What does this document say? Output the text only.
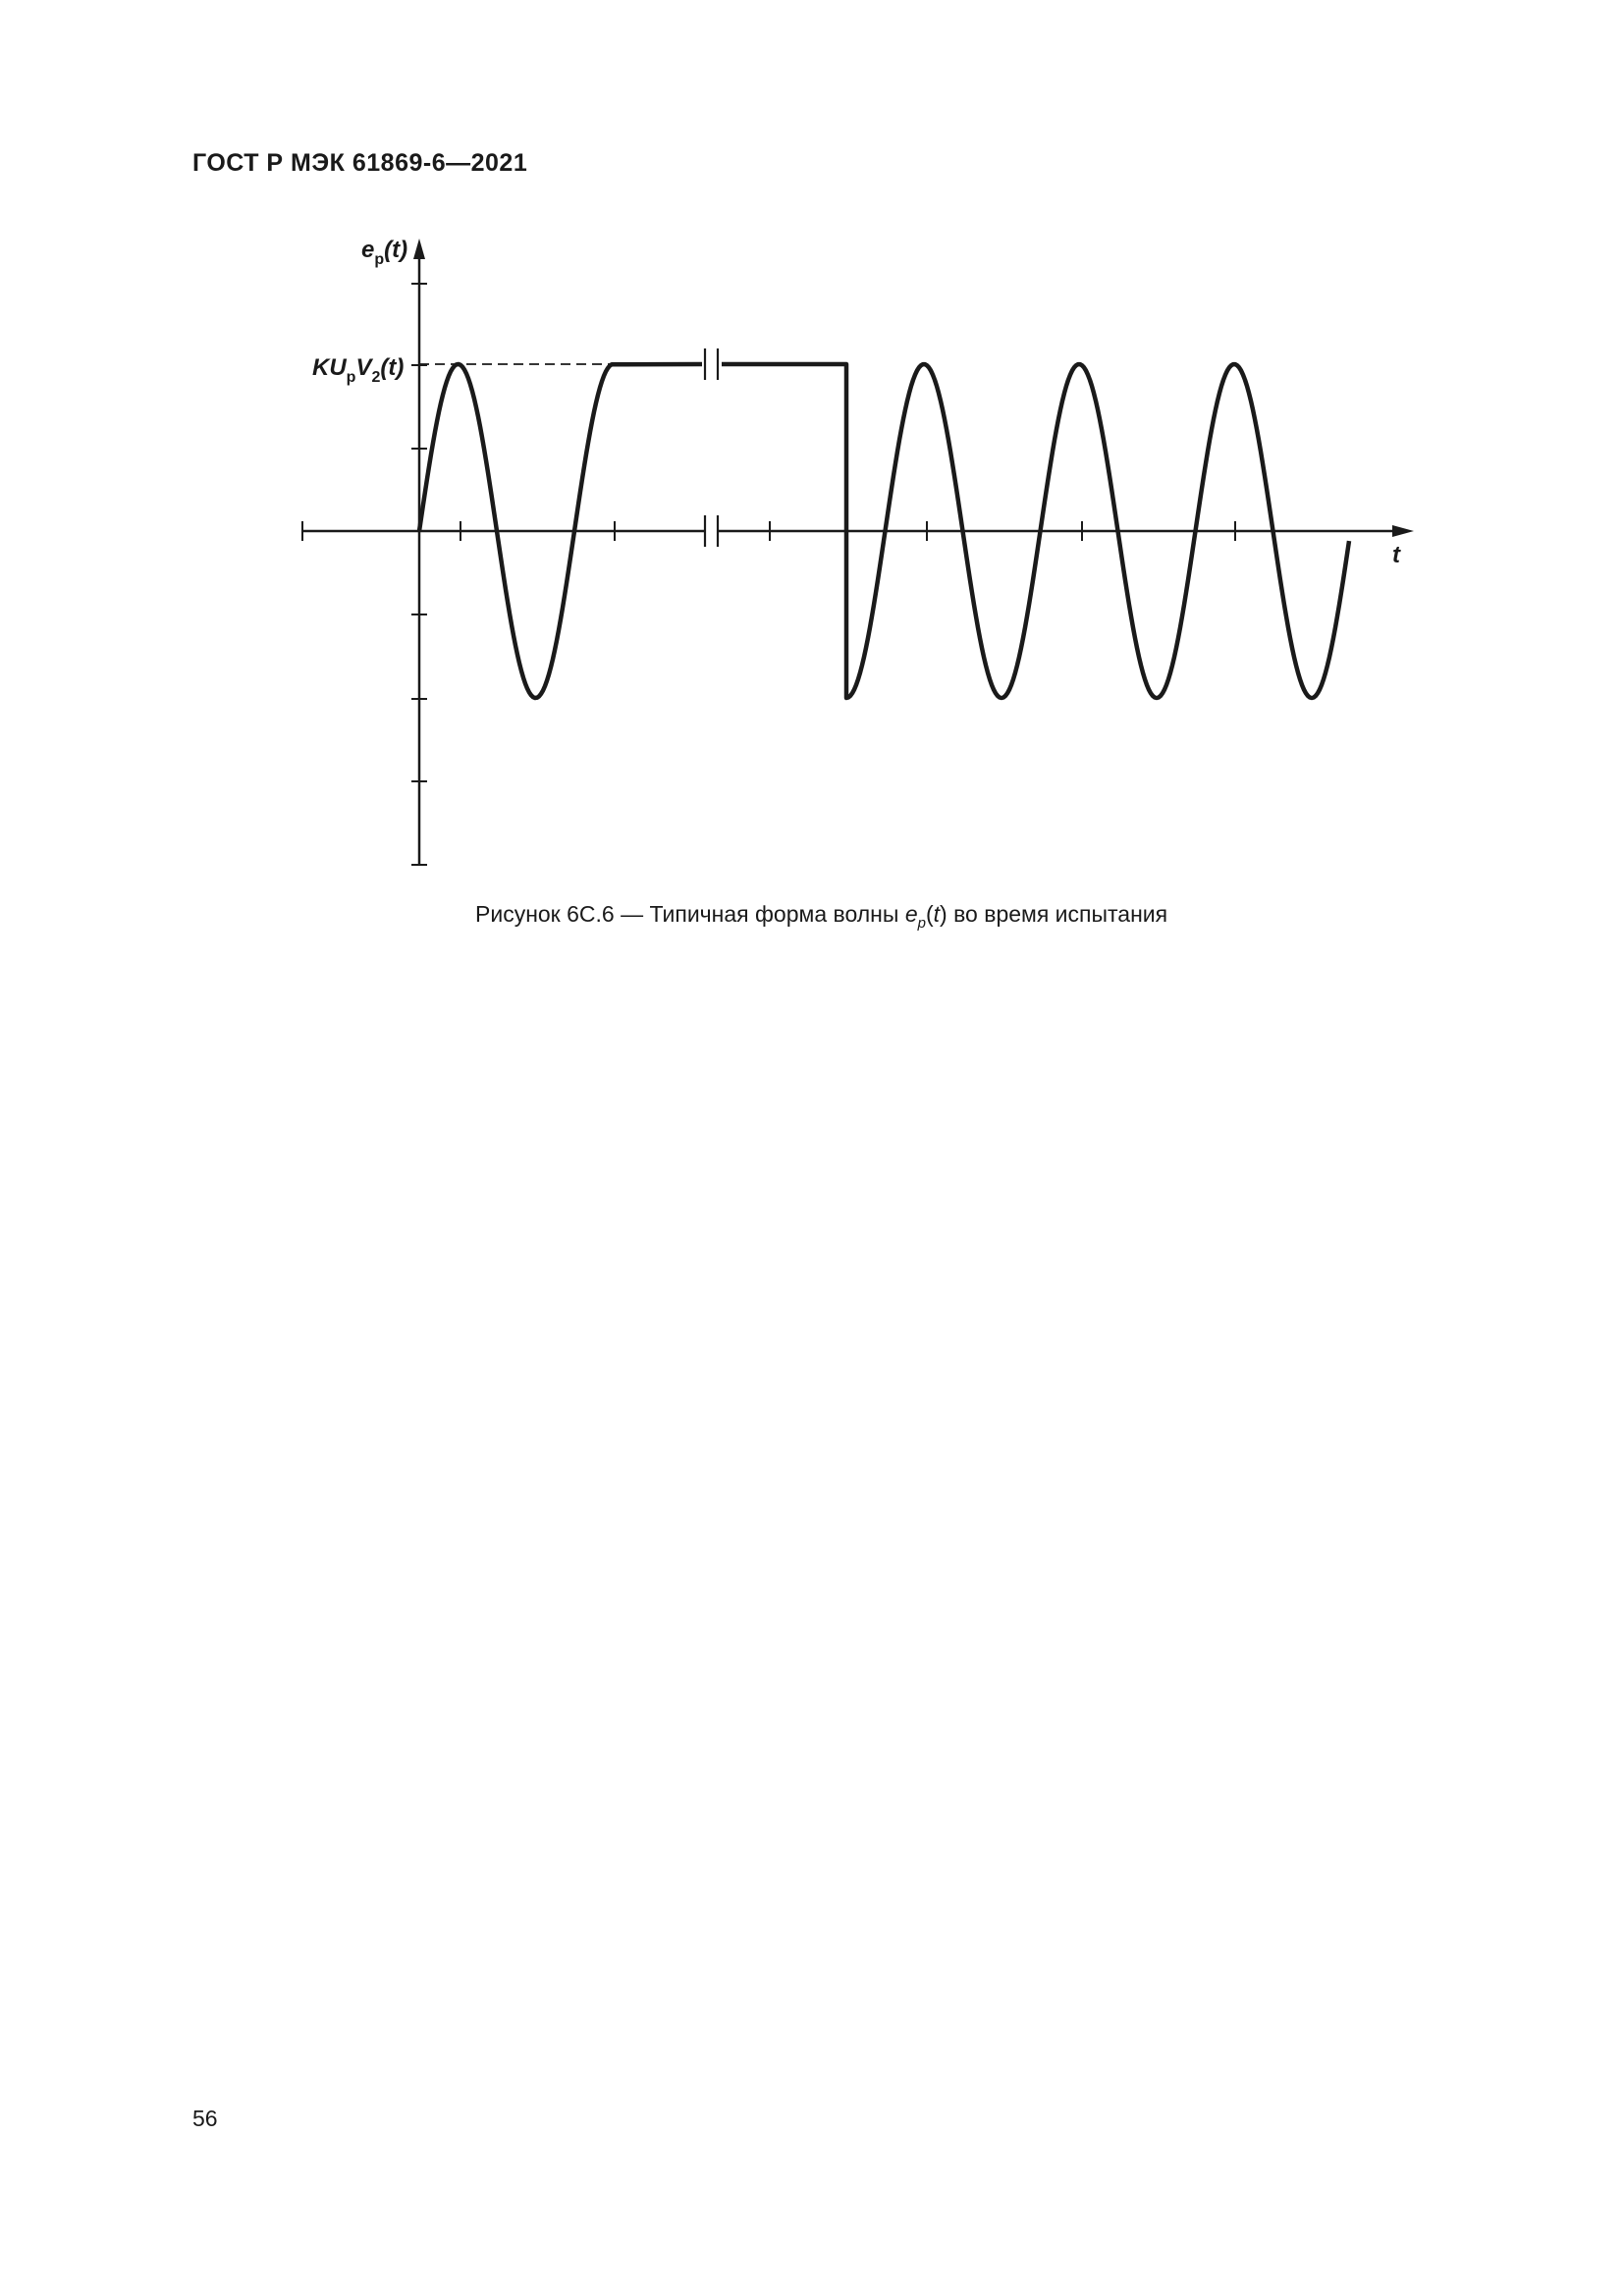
ГОСТ Р МЭК 61869-6—2021
$e_p(t)$
t
$KU_pV_2(t)$
Рисунок 6С.6 — Типичная форма волны $e_p(t)$ во время испытания
56
